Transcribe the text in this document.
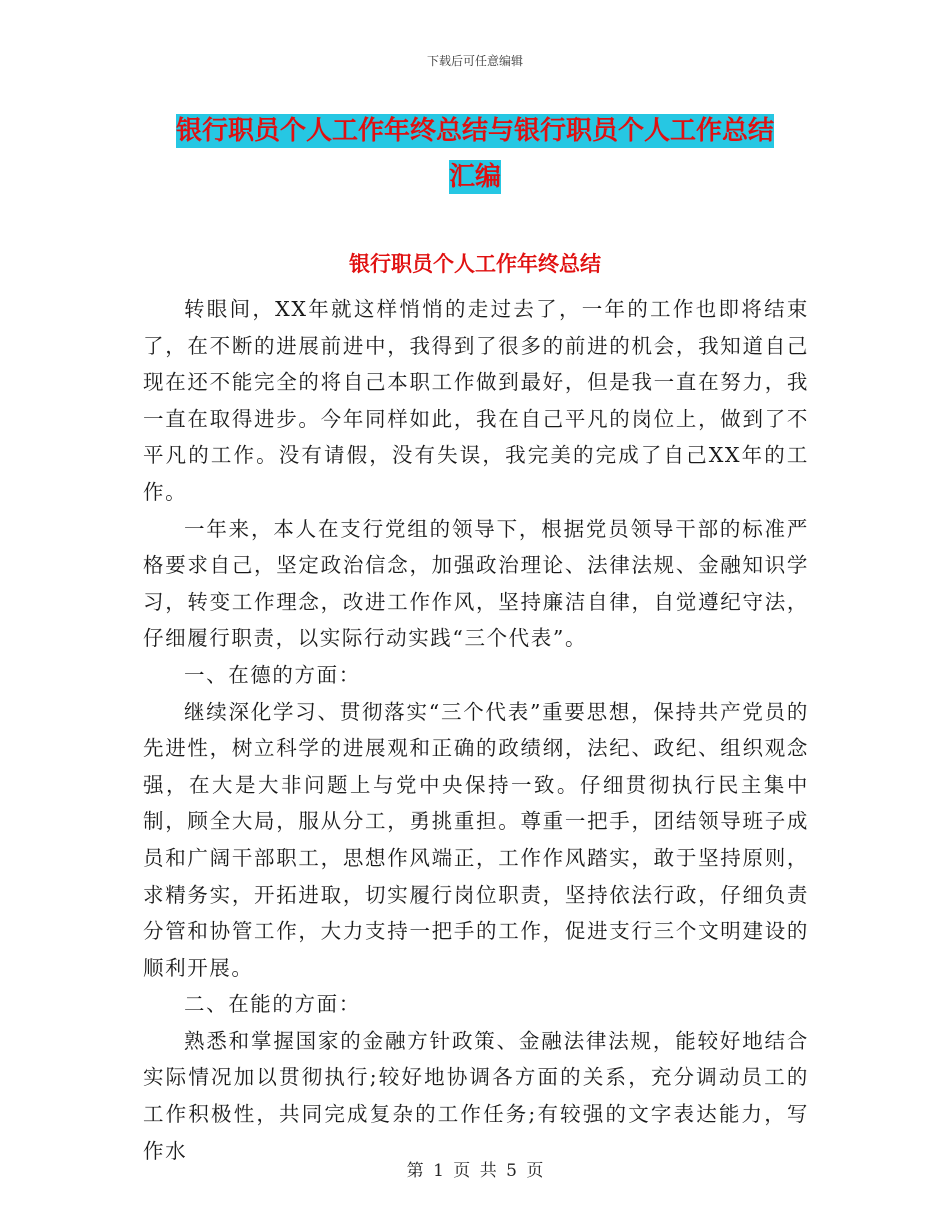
下载后可任意编辑
银行职员个人工作年终总结与银行职员个人工作总结
汇编
银行职员个人工作年终总结

转眼间，XX年就这样悄悄的走过去了，一年的工作也即将结束了，在不断的进展前进中，我得到了很多的前进的机会，我知道自己现在还不能完全的将自己本职工作做到最好，但是我一直在努力，我一直在取得进步。今年同样如此，我在自己平凡的岗位上，做到了不平凡的工作。没有请假，没有失误，我完美的完成了自己XX年的工作。

一年来，本人在支行党组的领导下，根据党员领导干部的标准严格要求自己，坚定政治信念，加强政治理论、法律法规、金融知识学习，转变工作理念，改进工作作风，坚持廉洁自律，自觉遵纪守法，仔细履行职责，以实际行动实践“三个代表”。

一、在德的方面：

继续深化学习、贯彻落实“三个代表”重要思想，保持共产党员的先进性，树立科学的进展观和正确的政绩纲，法纪、政纪、组织观念强，在大是大非问题上与党中央保持一致。仔细贯彻执行民主集中制，顾全大局，服从分工，勇挑重担。尊重一把手，团结领导班子成员和广阔干部职工，思想作风端正，工作作风踏实，敢于坚持原则，求精务实，开拓进取，切实履行岗位职责，坚持依法行政，仔细负责分管和协管工作，大力支持一把手的工作，促进支行三个文明建设的顺利开展。

二、在能的方面：

熟悉和掌握国家的金融方针政策、金融法律法规，能较好地结合实际情况加以贯彻执行;较好地协调各方面的关系，充分调动员工的工作积极性，共同完成复杂的工作任务;有较强的文字表达能力，写作水

第 1 页 共 5 页
